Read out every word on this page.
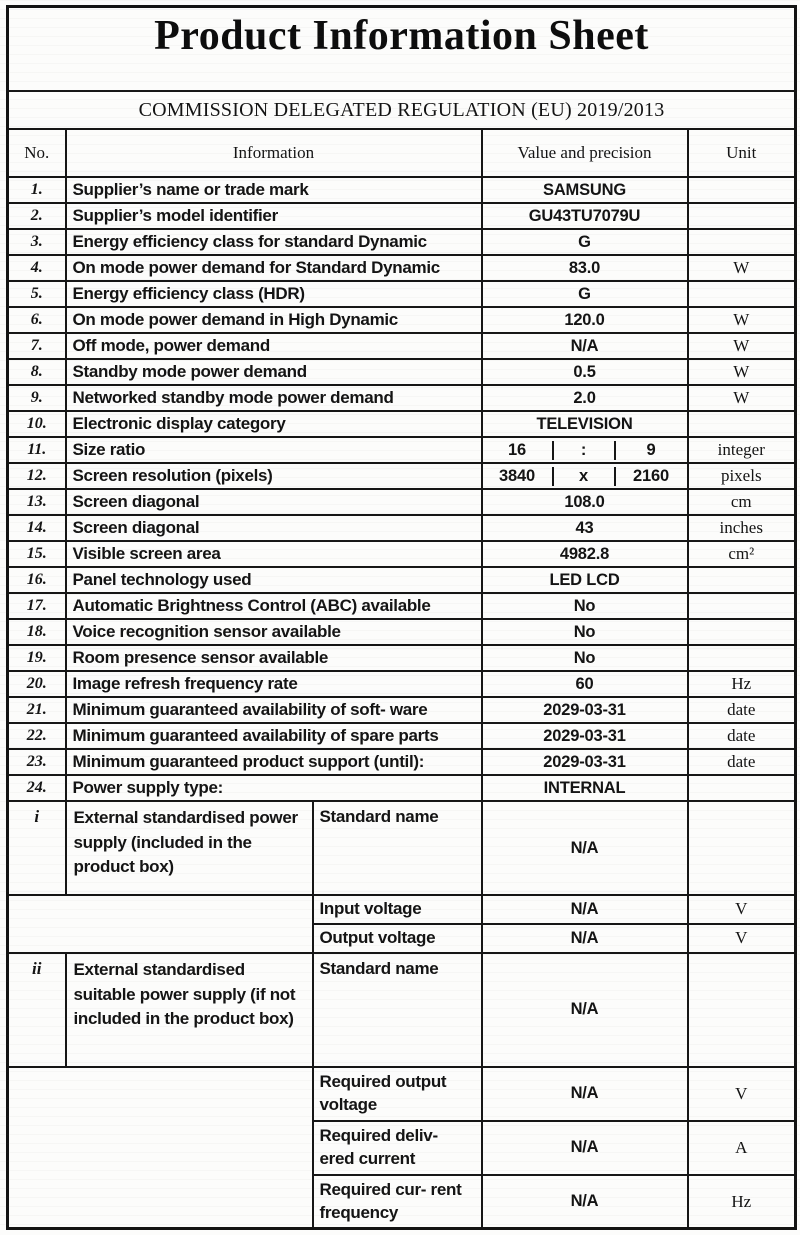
Product Information Sheet				
COMMISSION DELEGATED REGULATION (EU) 2019/2013				
No.	Information		Value and precision	Unit
1.	Supplier’s name or trade mark		SAMSUNG	
2.	Supplier’s model identifier		GU43TU7079U	
3.	Energy efficiency class for standard Dynamic		G	
4.	On mode power demand for Standard Dynamic		83.0	W
5.	Energy efficiency class (HDR)		G	
6.	On mode power demand in High Dynamic		120.0	W
7.	Off mode, power demand		N/A	W
8.	Standby mode power demand		0.5	W
9.	Networked standby mode power demand		2.0	W
10.	Electronic display category		TELEVISION	
11.	Size ratio		16 : 9	integer
12.	Screen resolution (pixels)		3840 x 2160	pixels
13.	Screen diagonal		108.0	cm
14.	Screen diagonal		43	inches
15.	Visible screen area		4982.8	cm²
16.	Panel technology used		LED LCD	
17.	Automatic Brightness Control (ABC) available		No	
18.	Voice recognition sensor available		No	
19.	Room presence sensor available		No	
20.	Image refresh frequency rate		60	Hz
21.	Minimum guaranteed availability of soft- ware		2029-03-31	date
22.	Minimum guaranteed availability of spare parts		2029-03-31	date
23.	Minimum guaranteed product support (until):		2029-03-31	date
24.	Power supply type:		INTERNAL	
i	External standardised power supply (included in the product box)	Standard name	N/A	
		Input voltage	N/A	V
		Output voltage	N/A	V
ii	External standardised suitable power supply (if not included in the product box)	Standard name	N/A	
		Required output voltage	N/A	V
		Required deliv- ered current	N/A	A
		Required cur- rent frequency	N/A	Hz
